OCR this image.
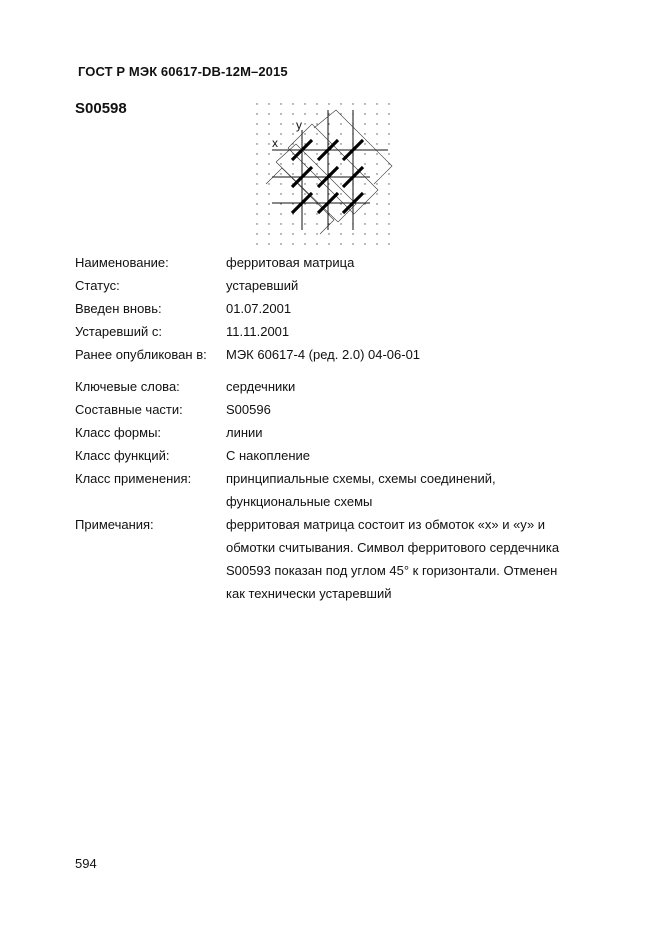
ГОСТ Р МЭК 60617-DB-12M–2015
S00598
x
y
Наименование:	ферритовая матрица
Статус:	устаревший
Введен вновь:	01.07.2001
Устаревший с:	11.11.2001
Ранее опубликован в:	МЭК 60617-4 (ред. 2.0) 04-06-01
Ключевые слова:	сердечники
Составные части:	S00596
Класс формы:	линии
Класс функций:	С накопление
Класс применения:	принципиальные схемы, схемы соединений,
функциональные схемы
Примечания:	ферритовая матрица состоит из обмоток «х» и «у» и
обмотки считывания. Символ ферритового сердечника
S00593 показан под углом 45° к горизонтали. Отменен
как технически устаревший
594
